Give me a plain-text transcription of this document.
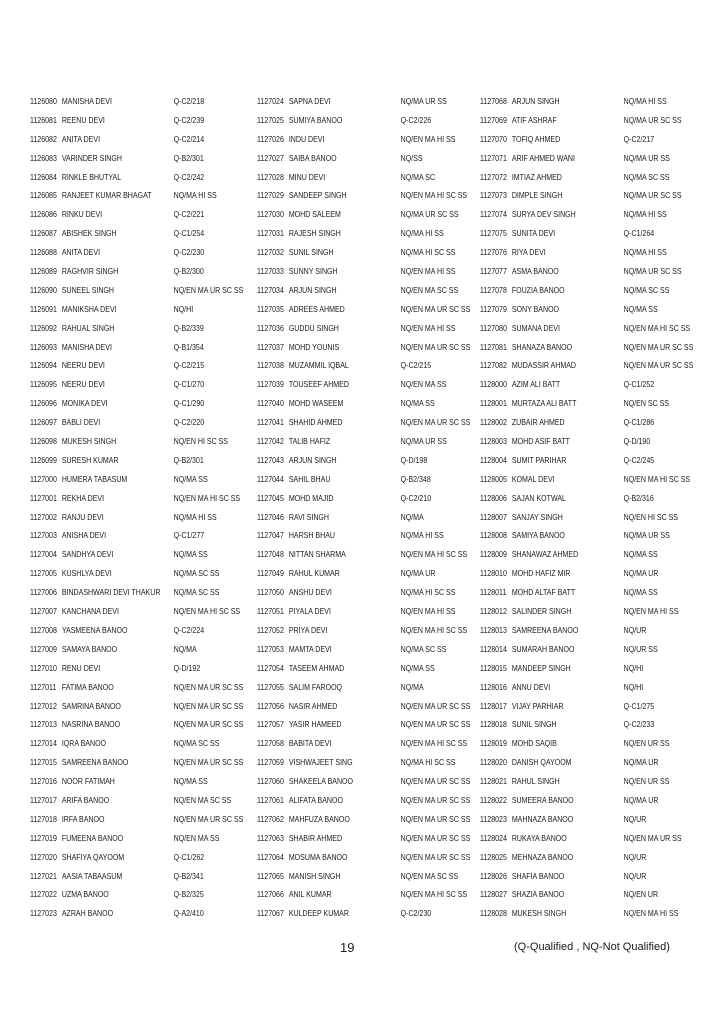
1126080 MANISHA DEVI	Q-C2/218
1126081 REENU DEVI	Q-C2/239
1126082 ANITA DEVI	Q-C2/214
1126083 VARINDER SINGH	Q-B2/301
1126084 RINKLE BHUTYAL	Q-C2/242
1126085 RANJEET KUMAR BHAGAT	NQ/MA HI SS
1126086 RINKU DEVI	Q-C2/221
1126087 ABISHEK SINGH	Q-C1/254
1126088 ANITA DEVI	Q-C2/230
1126089 RAGHVIR SINGH	Q-B2/300
1126090 SUNEEL SINGH	NQ/EN MA UR SC SS
1126091 MANIKSHA DEVI	NQ/HI
1126092 RAHUAL SINGH	Q-B2/339
1126093 MANISHA DEVI	Q-B1/354
1126094 NEERU DEVI	Q-C2/215
1126095 NEERU DEVI	Q-C1/270
1126096 MONIKA DEVI	Q-C1/290
1126097 BABLI DEVI	Q-C2/220
1126098 MUKESH SINGH	NQ/EN HI SC SS
1126099 SURESH KUMAR	Q-B2/301
1127000 HUMERA TABASUM	NQ/MA SS
1127001 REKHA DEVI	NQ/EN MA HI SC SS
1127002 RANJU DEVI	NQ/MA HI SS
1127003 ANISHA DEVI	Q-C1/277
1127004 SANDHYA DEVI	NQ/MA SS
1127005 KUSHLYA DEVI	NQ/MA SC SS
1127006 BINDASHWARI DEVI THAKUR NQ/MA SC SS
1127007 KANCHANA DEVI	NQ/EN MA HI SC SS
1127008 YASMEENA BANOO	Q-C2/224
1127009 SAMAYA BANOO	NQ/MA
1127010 RENU DEVI	Q-D/192
1127011 FATIMA BANOO	NQ/EN MA UR SC SS
1127012 SAMRINA BANOO	NQ/EN MA UR SC SS
1127013 NASRINA BANOO	NQ/EN MA UR SC SS
1127014 IQRA BANOO	NQ/MA SC SS
1127015 SAMREENA BANOO	NQ/EN MA UR SC SS
1127016 NOOR FATIMAH	NQ/MA SS
1127017 ARIFA BANOO	NQ/EN MA SC SS
1127018 IRFA BANOO	NQ/EN MA UR SC SS
1127019 FUMEENA BANOO	NQ/EN MA SS
1127020 SHAFIYA QAYOOM	Q-C1/262
1127021 AASIA TABAASUM	Q-B2/341
1127022 UZMA BANOO	Q-B2/325
1127023 AZRAH BANOO	Q-A2/410
1127024 SAPNA DEVI	NQ/MA UR SS
1127025 SUMIYA BANOO	Q-C2/226
1127026 INDU DEVI	NQ/EN MA HI SS
1127027 SAIBA BANOO	NQ/SS
1127028 MINU DEVI	NQ/MA SC
1127029 SANDEEP SINGH	NQ/EN MA HI SC SS
1127030 MOHD SALEEM	NQ/MA UR SC SS
1127031 RAJESH SINGH	NQ/MA HI SS
1127032 SUNIL SINGH	NQ/MA HI SC SS
1127033 SUNNY SINGH	NQ/EN MA HI SS
1127034 ARJUN SINGH	NQ/EN MA SC SS
1127035 ADREES AHMED	NQ/EN MA UR SC SS
1127036 GUDDU SINGH	NQ/EN MA HI SS
1127037 MOHD YOUNIS	NQ/EN MA UR SC SS
1127038 MUZAMMIL IQBAL	Q-C2/215
1127039 TOUSEEF AHMED	NQ/EN MA SS
1127040 MOHD WASEEM	NQ/MA SS
1127041 SHAHID AHMED	NQ/EN MA UR SC SS
1127042 TALIB HAFIZ	NQ/MA UR SS
1127043 ARJUN SINGH	Q-D/198
1127044 SAHIL BHAU	Q-B2/348
1127045 MOHD MAJID	Q-C2/210
1127046 RAVI SINGH	NQ/MA
1127047 HARSH BHAU	NQ/MA HI SS
1127048 NITTAN SHARMA	NQ/EN MA HI SC SS
1127049 RAHUL KUMAR	NQ/MA UR
1127050 ANSHU DEVI	NQ/MA HI SC SS
1127051 PIYALA DEVI	NQ/EN MA HI SS
1127052 PRIYA DEVI	NQ/EN MA HI SC SS
1127053 MAMTA DEVI	NQ/MA SC SS
1127054 TASEEM AHMAD	NQ/MA SS
1127055 SALIM FAROOQ	NQ/MA
1127056 NASIR AHMED	NQ/EN MA UR SC SS
1127057 YASIR HAMEED	NQ/EN MA UR SC SS
1127058 BABITA DEVI	NQ/EN MA HI SC SS
1127059 VISHWAJEET SING	NQ/MA HI SC SS
1127060 SHAKEELA BANOO	NQ/EN MA UR SC SS
1127061 ALIFATA BANOO	NQ/EN MA UR SC SS
1127062 MAHFUZA BANOO	NQ/EN MA UR SC SS
1127063 SHABIR AHMED	NQ/EN MA UR SC SS
1127064 MOSUMA BANOO	NQ/EN MA UR SC SS
1127065 MANISH SINGH	NQ/EN MA SC SS
1127066 ANIL KUMAR	NQ/EN MA HI SC SS
1127067 KULDEEP KUMAR	Q-C2/230
1127068 ARJUN SINGH	NQ/MA HI SS
1127069 ATIF ASHRAF	NQ/MA UR SC SS
1127070 TOFIQ AHMED	Q-C2/217
1127071 ARIF AHMED WANI	NQ/MA UR SS
1127072 IMTIAZ AHMED	NQ/MA SC SS
1127073 DIMPLE SINGH	NQ/MA UR SC SS
1127074 SURYA DEV SINGH	NQ/MA HI SS
1127075 SUNITA DEVI	Q-C1/264
1127076 RIYA DEVI	NQ/MA HI SS
1127077 ASMA BANOO	NQ/MA UR SC SS
1127078 FOUZIA BANOO	NQ/MA SC SS
1127079 SONY BANOO	NQ/MA SS
1127080 SUMANA DEVI	NQ/EN MA HI SC SS
1127081 SHANAZA BANOO	NQ/EN MA UR SC SS
1127082 MUDASSIR AHMAD	NQ/EN MA UR SC SS
1128000 AZIM ALI BATT	Q-C1/252
1128001 MURTAZA ALI BATT	NQ/EN SC SS
1128002 ZUBAIR AHMED	Q-C1/286
1128003 MOHD ASIF BATT	Q-D/190
1128004 SUMIT PARIHAR	Q-C2/245
1128005 KOMAL DEVI	NQ/EN MA HI SC SS
1128006 SAJAN KOTWAL	Q-B2/316
1128007 SANJAY SINGH	NQ/EN HI SC SS
1128008 SAMIYA BANOO	NQ/MA UR SS
1128009 SHANAWAZ AHMED	NQ/MA SS
1128010 MOHD HAFIZ MIR	NQ/MA UR
1128011 MOHD ALTAF BATT	NQ/MA SS
1128012 SALINDER SINGH	NQ/EN MA HI SS
1128013 SAMREENA BANOO	NQ/UR
1128014 SUMARAH BANOO	NQ/UR SS
1128015 MANDEEP SINGH	NQ/HI
1128016 ANNU DEVI	NQ/HI
1128017 VIJAY PARHIAR	Q-C1/275
1128018 SUNIL SINGH	Q-C2/233
1128019 MOHD SAQIB	NQ/EN UR SS
1128020 DANISH QAYOOM	NQ/MA UR
1128021 RAHUL SINGH	NQ/EN UR SS
1128022 SUMEERA BANOO	NQ/MA UR
1128023 MAHNAZA BANOO	NQ/UR
1128024 RUKAYA BANOO	NQ/EN MA UR SS
1128025 MEHNAZA BANOO	NQ/UR
1128026 SHAFIA BANOO	NQ/UR
1128027 SHAZIA BANOO	NQ/EN UR
1128028 MUKESH SINGH	NQ/EN MA HI SS
19	(Q-Qualified , NQ-Not Qualified)
